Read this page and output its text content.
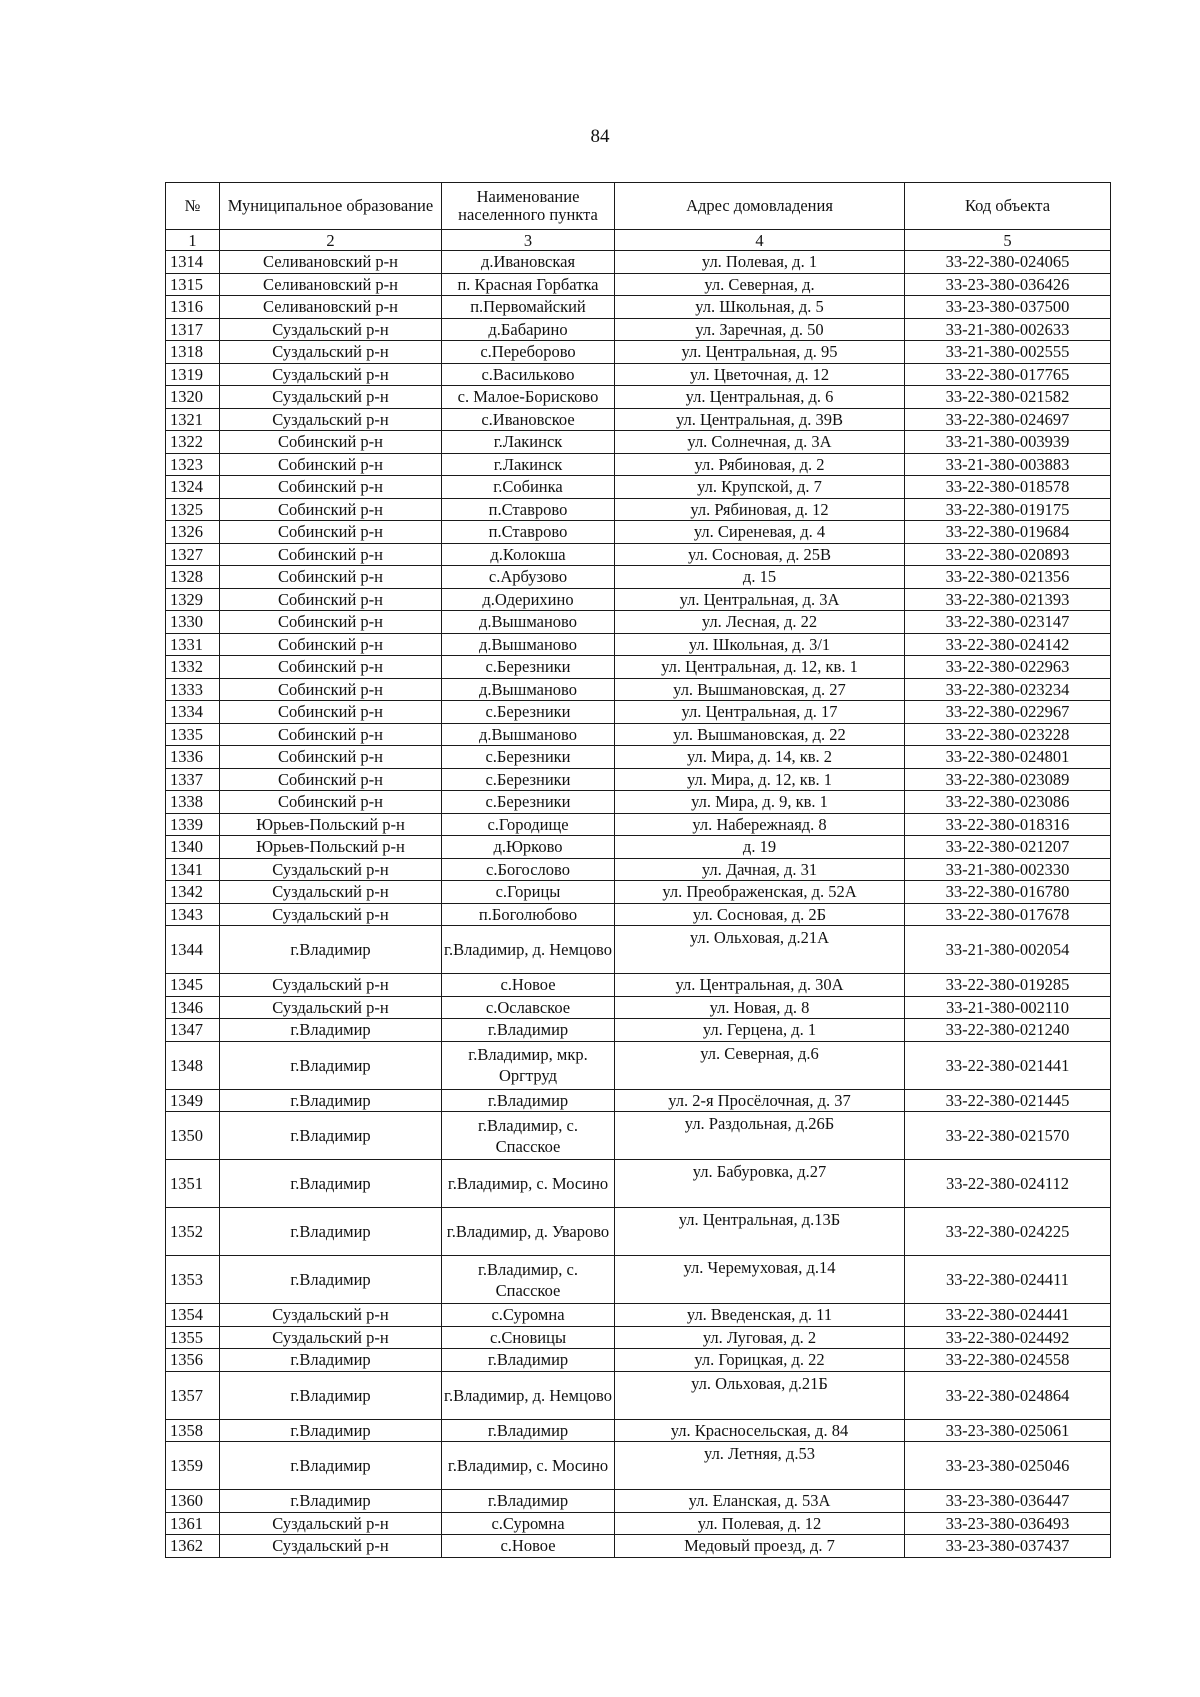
84
№	Муниципальное образование	Наименование населенного пункта	Адрес домовладения	Код объекта
1	2	3	4	5
1314	Селивановский р-н	д.Ивановская	ул. Полевая, д. 1	33-22-380-024065
1315	Селивановский р-н	п. Красная Горбатка	ул. Северная, д.	33-23-380-036426
1316	Селивановский р-н	п.Первомайский	ул. Школьная, д. 5	33-23-380-037500
1317	Суздальский р-н	д.Бабарино	ул. Заречная, д. 50	33-21-380-002633
1318	Суздальский р-н	с.Переборово	ул. Центральная, д. 95	33-21-380-002555
1319	Суздальский р-н	с.Васильково	ул. Цветочная, д. 12	33-22-380-017765
1320	Суздальский р-н	с. Малое-Борисково	ул. Центральная, д. 6	33-22-380-021582
1321	Суздальский р-н	с.Ивановское	ул. Центральная, д. 39В	33-22-380-024697
1322	Собинский р-н	г.Лакинск	ул. Солнечная, д. 3А	33-21-380-003939
1323	Собинский р-н	г.Лакинск	ул. Рябиновая, д. 2	33-21-380-003883
1324	Собинский р-н	г.Собинка	ул. Крупской, д. 7	33-22-380-018578
1325	Собинский р-н	п.Ставрово	ул. Рябиновая, д. 12	33-22-380-019175
1326	Собинский р-н	п.Ставрово	ул. Сиреневая, д. 4	33-22-380-019684
1327	Собинский р-н	д.Колокша	ул. Сосновая, д. 25В	33-22-380-020893
1328	Собинский р-н	с.Арбузово	д. 15	33-22-380-021356
1329	Собинский р-н	д.Одерихино	ул. Центральная, д. 3А	33-22-380-021393
1330	Собинский р-н	д.Вышманово	ул. Лесная, д. 22	33-22-380-023147
1331	Собинский р-н	д.Вышманово	ул. Школьная, д. 3/1	33-22-380-024142
1332	Собинский р-н	с.Березники	ул. Центральная, д. 12, кв. 1	33-22-380-022963
1333	Собинский р-н	д.Вышманово	ул. Вышмановская, д. 27	33-22-380-023234
1334	Собинский р-н	с.Березники	ул. Центральная, д. 17	33-22-380-022967
1335	Собинский р-н	д.Вышманово	ул. Вышмановская, д. 22	33-22-380-023228
1336	Собинский р-н	с.Березники	ул. Мира, д. 14, кв. 2	33-22-380-024801
1337	Собинский р-н	с.Березники	ул. Мира, д. 12, кв. 1	33-22-380-023089
1338	Собинский р-н	с.Березники	ул. Мира, д. 9, кв. 1	33-22-380-023086
1339	Юрьев-Польский р-н	с.Городище	ул. Набережнаяд. 8	33-22-380-018316
1340	Юрьев-Польский р-н	д.Юрково	д. 19	33-22-380-021207
1341	Суздальский р-н	с.Богослово	ул. Дачная, д. 31	33-21-380-002330
1342	Суздальский р-н	с.Горицы	ул. Преображенская, д. 52А	33-22-380-016780
1343	Суздальский р-н	п.Боголюбово	ул. Сосновая, д. 2Б	33-22-380-017678
1344	г.Владимир	г.Владимир, д. Немцово	ул. Ольховая, д.21А	33-21-380-002054
1345	Суздальский р-н	с.Новое	ул. Центральная, д. 30А	33-22-380-019285
1346	Суздальский р-н	с.Ославское	ул. Новая, д. 8	33-21-380-002110
1347	г.Владимир	г.Владимир	ул. Герцена, д. 1	33-22-380-021240
1348	г.Владимир	г.Владимир, мкр. Оргтруд	ул. Северная, д.6	33-22-380-021441
1349	г.Владимир	г.Владимир	ул. 2-я Просёлочная, д. 37	33-22-380-021445
1350	г.Владимир	г.Владимир, с. Спасское	ул. Раздольная, д.26Б	33-22-380-021570
1351	г.Владимир	г.Владимир, с. Мосино	ул. Бабуровка, д.27	33-22-380-024112
1352	г.Владимир	г.Владимир, д. Уварово	ул. Центральная, д.13Б	33-22-380-024225
1353	г.Владимир	г.Владимир, с. Спасское	ул. Черемуховая, д.14	33-22-380-024411
1354	Суздальский р-н	с.Суромна	ул. Введенская, д. 11	33-22-380-024441
1355	Суздальский р-н	с.Сновицы	ул. Луговая, д. 2	33-22-380-024492
1356	г.Владимир	г.Владимир	ул. Горицкая, д. 22	33-22-380-024558
1357	г.Владимир	г.Владимир, д. Немцово	ул. Ольховая, д.21Б	33-22-380-024864
1358	г.Владимир	г.Владимир	ул. Красносельская, д. 84	33-23-380-025061
1359	г.Владимир	г.Владимир, с. Мосино	ул. Летняя, д.53	33-23-380-025046
1360	г.Владимир	г.Владимир	ул. Еланская, д. 53А	33-23-380-036447
1361	Суздальский р-н	с.Суромна	ул. Полевая, д. 12	33-23-380-036493
1362	Суздальский р-н	с.Новое	Медовый проезд, д. 7	33-23-380-037437
